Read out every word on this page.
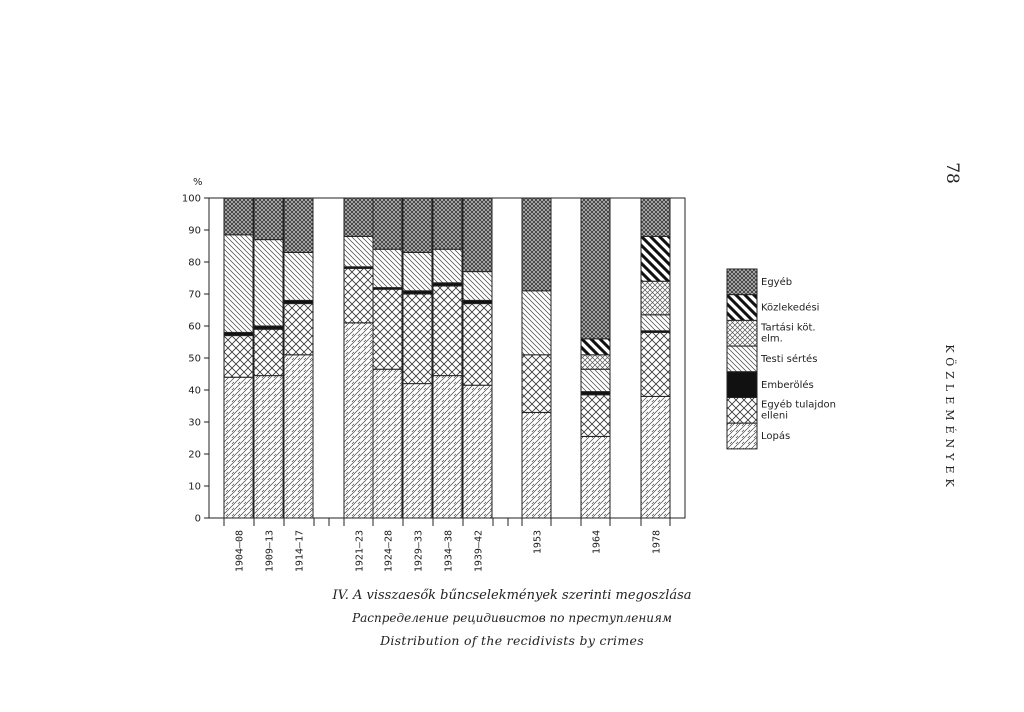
0
10
20
30
40
50
60
70
80
90
100
%
1904–08 1909–13 1914–17	1921–23 1924–28 1929–33 1934–38 1939–42	1953	1964	1978
Egyéb
Közlekedési
Tartási köt. elm.
Testi sértés
Emberölés
Egyéb tulajdon elleni
Lopás
78
KÖZLEMÉNYEK
IV. A visszaesők bűncselekmények szerinti megoszlása
Распределение рецидивистов по преступлениям
Distribution of the recidivists by crimes
